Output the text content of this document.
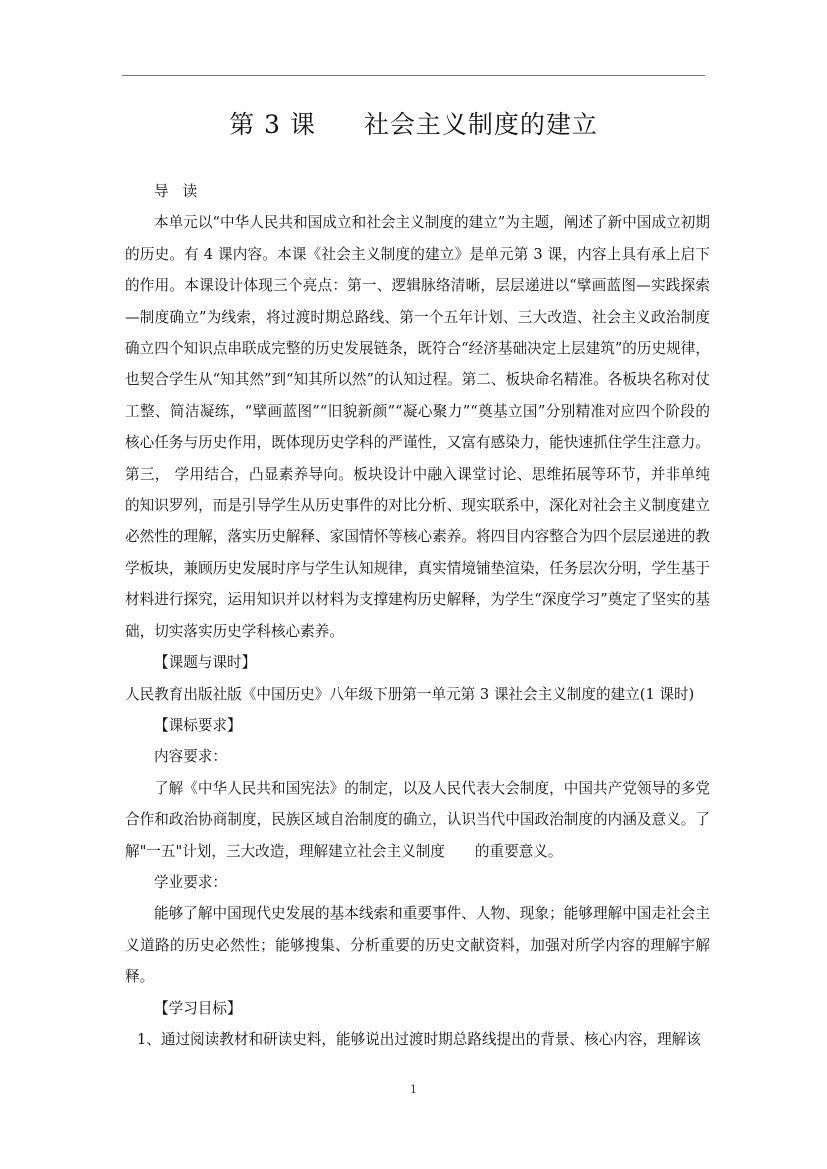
第 3 课 社会主义制度的建立

导读

本单元以“中华人民共和国成立和社会主义制度的建立”为主题，阐述了新中国成立初期的历史。有 4 课内容。本课《社会主义制度的建立》是单元第 3 课，内容上具有承上启下的作用。本课设计体现三个亮点：第一、逻辑脉络清晰，层层递进以“擘画蓝图—实践探索—制度确立”为线索，将过渡时期总路线、第一个五年计划、三大改造、社会主义政治制度确立四个知识点串联成完整的历史发展链条，既符合“经济基础决定上层建筑”的历史规律，也契合学生从“知其然”到“知其所以然”的认知过程。第二、板块命名精准。各板块名称对仗工整、简洁凝练，“擘画蓝图”“旧貌新颜”“凝心聚力”“奠基立国”分别精准对应四个阶段的核心任务与历史作用，既体现历史学科的严谨性，又富有感染力，能快速抓住学生注意力。第三， 学用结合，凸显素养导向。板块设计中融入课堂讨论、思维拓展等环节，并非单纯的知识罗列，而是引导学生从历史事件的对比分析、现实联系中，深化对社会主义制度建立必然性的理解，落实历史解释、家国情怀等核心素养。将四目内容整合为四个层层递进的教学板块，兼顾历史发展时序与学生认知规律，真实情境铺垫渲染，任务层次分明，学生基于材料进行探究，运用知识并以材料为支撑建构历史解释，为学生“深度学习”奠定了坚实的基础，切实落实历史学科核心素养。

【课题与课时】

人民教育出版社版《中国历史》八年级下册第一单元第 3 课社会主义制度的建立(1 课时)

【课标要求】

内容要求：

了解《中华人民共和国宪法》的制定，以及人民代表大会制度，中国共产党领导的多党合作和政治协商制度，民族区域自治制度的确立，认识当代中国政治制度的内涵及意义。了解"一五"计划，三大改造，理解建立社会主义制度 的重要意义。

学业要求：

能够了解中国现代史发展的基本线索和重要事件、人物、现象；能够理解中国走社会主义道路的历史必然性；能够搜集、分析重要的历史文献资料，加强对所学内容的理解宇解释。

【学习目标】

1、通过阅读教材和研读史料，能够说出过渡时期总路线提出的背景、核心内容，理解该

1
